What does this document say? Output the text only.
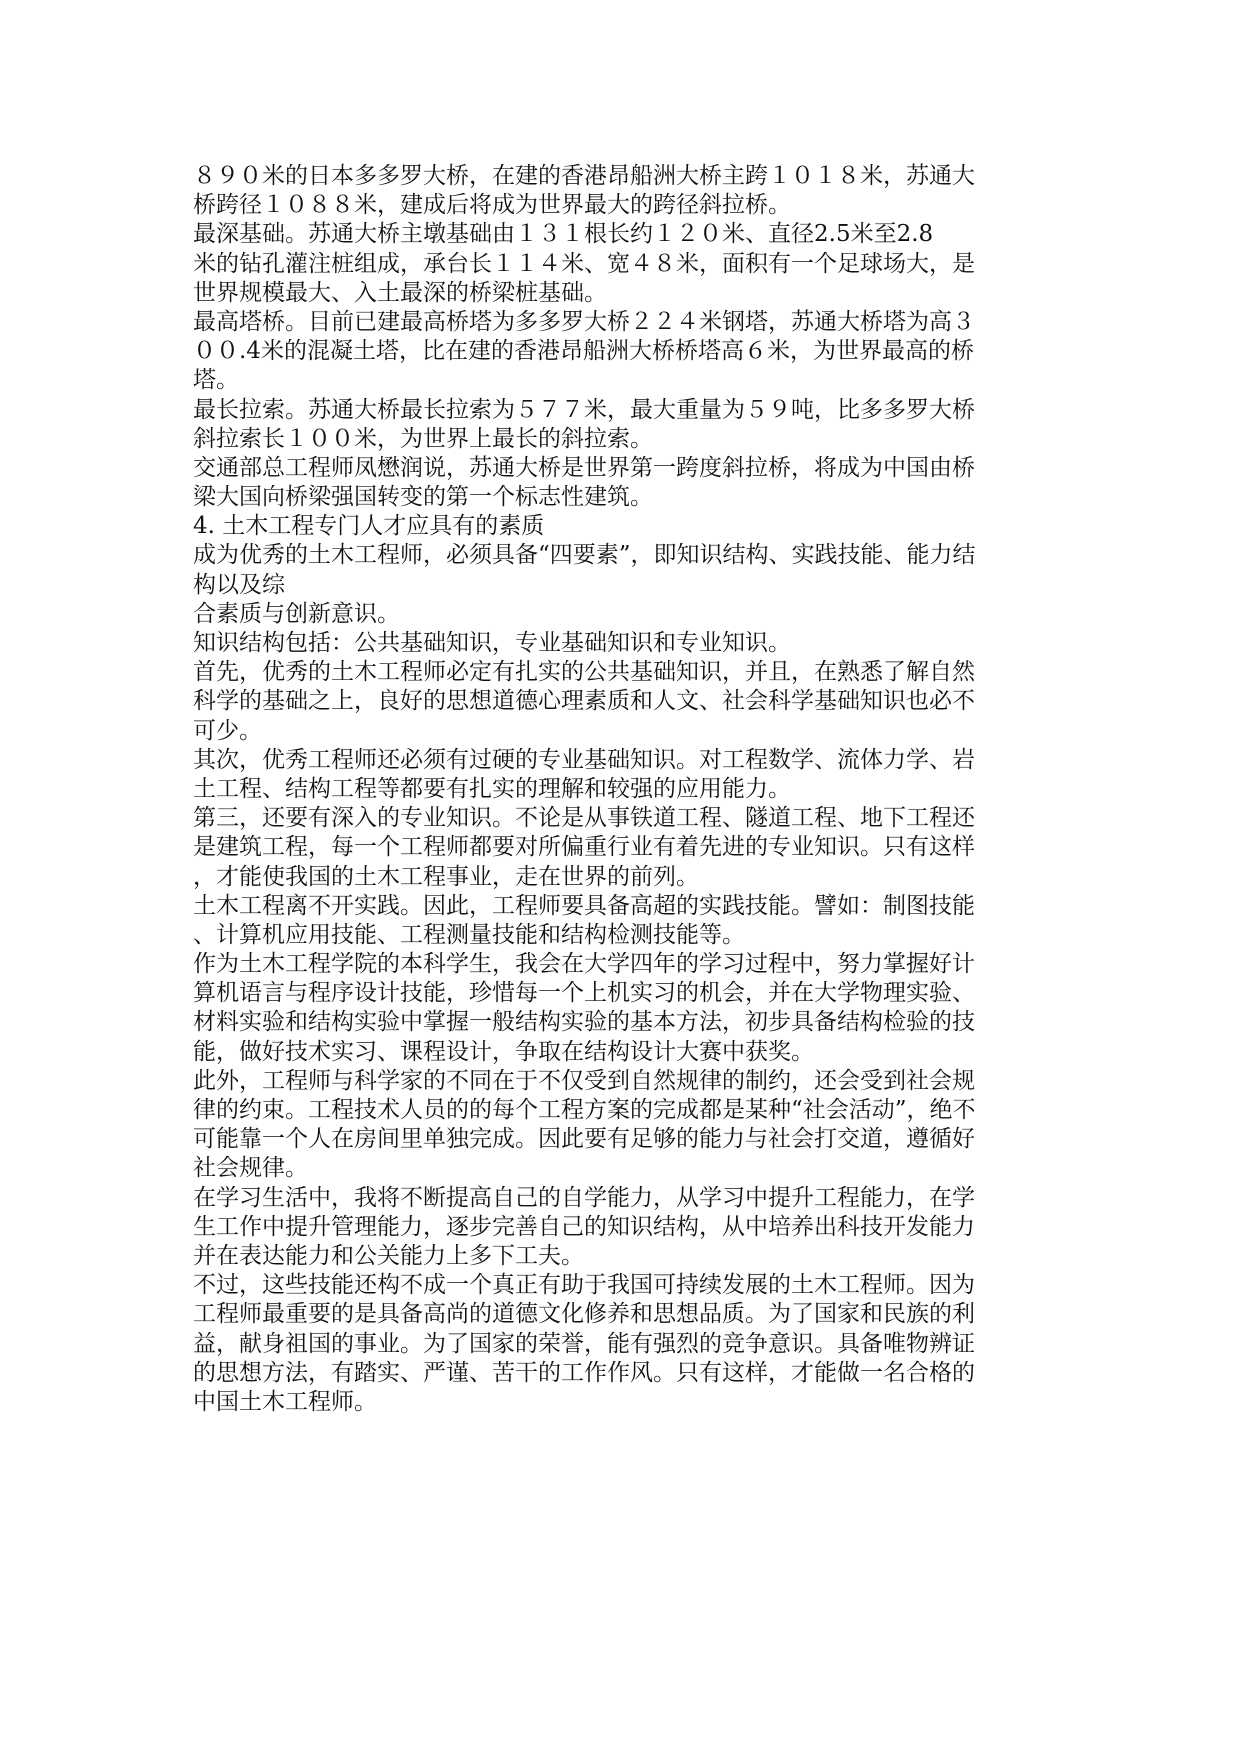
８９０米的日本多多罗大桥，在建的香港昂船洲大桥主跨１０１８米，苏通大
桥跨径１０８８米，建成后将成为世界最大的跨径斜拉桥。
最深基础。苏通大桥主墩基础由１３１根长约１２０米、直径2.5米至2.8
米的钻孔灌注桩组成，承台长１１４米、宽４８米，面积有一个足球场大，是
世界规模最大、入土最深的桥梁桩基础。
最高塔桥。目前已建最高桥塔为多多罗大桥２２４米钢塔，苏通大桥塔为高３
００.4米的混凝土塔，比在建的香港昂船洲大桥桥塔高６米，为世界最高的桥
塔。
最长拉索。苏通大桥最长拉索为５７７米，最大重量为５９吨，比多多罗大桥
斜拉索长１００米，为世界上最长的斜拉索。
交通部总工程师凤懋润说，苏通大桥是世界第一跨度斜拉桥，将成为中国由桥
梁大国向桥梁强国转变的第一个标志性建筑。
4. 土木工程专门人才应具有的素质
成为优秀的土木工程师，必须具备“四要素”，即知识结构、实践技能、能力结
构以及综
合素质与创新意识。
知识结构包括：公共基础知识，专业基础知识和专业知识。
首先，优秀的土木工程师必定有扎实的公共基础知识，并且，在熟悉了解自然
科学的基础之上，良好的思想道德心理素质和人文、社会科学基础知识也必不
可少。
其次，优秀工程师还必须有过硬的专业基础知识。对工程数学、流体力学、岩
土工程、结构工程等都要有扎实的理解和较强的应用能力。
第三，还要有深入的专业知识。不论是从事铁道工程、隧道工程、地下工程还
是建筑工程，每一个工程师都要对所偏重行业有着先进的专业知识。只有这样
，才能使我国的土木工程事业，走在世界的前列。
土木工程离不开实践。因此，工程师要具备高超的实践技能。譬如：制图技能
、计算机应用技能、工程测量技能和结构检测技能等。
作为土木工程学院的本科学生，我会在大学四年的学习过程中，努力掌握好计
算机语言与程序设计技能，珍惜每一个上机实习的机会，并在大学物理实验、
材料实验和结构实验中掌握一般结构实验的基本方法，初步具备结构检验的技
能，做好技术实习、课程设计，争取在结构设计大赛中获奖。
此外，工程师与科学家的不同在于不仅受到自然规律的制约，还会受到社会规
律的约束。工程技术人员的的每个工程方案的完成都是某种“社会活动”，绝不
可能靠一个人在房间里单独完成。因此要有足够的能力与社会打交道，遵循好
社会规律。
在学习生活中，我将不断提高自己的自学能力，从学习中提升工程能力，在学
生工作中提升管理能力，逐步完善自己的知识结构，从中培养出科技开发能力
并在表达能力和公关能力上多下工夫。
不过，这些技能还构不成一个真正有助于我国可持续发展的土木工程师。因为
工程师最重要的是具备高尚的道德文化修养和思想品质。为了国家和民族的利
益，献身祖国的事业。为了国家的荣誉，能有强烈的竞争意识。具备唯物辨证
的思想方法，有踏实、严谨、苦干的工作作风。只有这样，才能做一名合格的
中国土木工程师。
